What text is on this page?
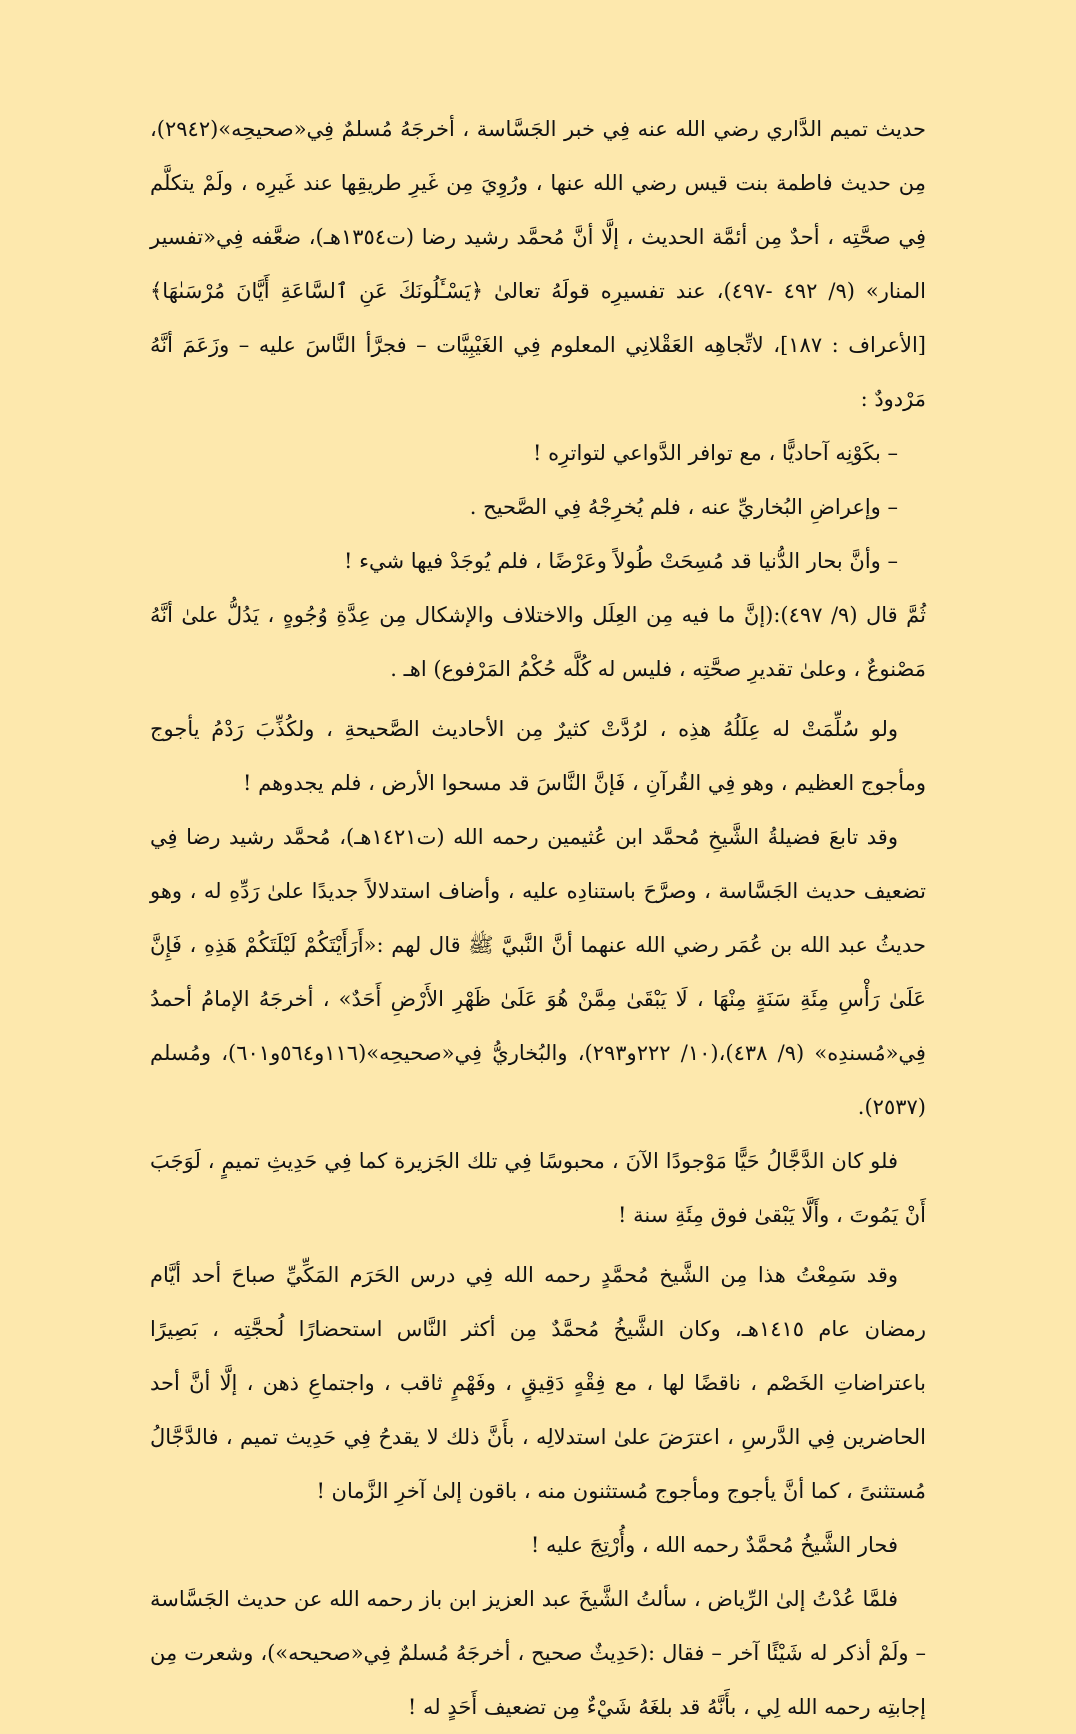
حديث تميم الدَّاري رضي الله عنه فِي خبر الجَسَّاسة ، أخرجَهُ مُسلمٌ فِي«صحيحِه»(٢٩٤٢)، مِن حديث فاطمة بنت قيس رضي الله عنها ، ورُوِيَ مِن غَيرِ طريقِها عند غَيرِه ، ولَمْ يتكلَّم فِي صحَّتِه ، أحدٌ مِن أئمَّة الحديث ، إلَّا أنَّ مُحمَّد رشيد رضا (ت١٣٥٤هـ)، ضعَّفه فِي«تفسير المنار» (٩/ ٤٩٢ -٤٩٧)، عند تفسيرِه قولَهُ تعالىٰ ﴿يَسْـَٔلُونَكَ عَنِ ٱلسَّاعَةِ أَيَّانَ مُرْسَىٰهَا﴾[الأعراف : ١٨٧]، لاتِّجاهِه العَقْلانِي المعلوم فِي الغَيْبِيَّات – فجرَّأ النَّاسَ عليه – وزَعَمَ أنَّهُ مَرْدودٌ :

– بكَوْنِه آحاديًّا ، مع توافر الدَّواعي لتواترِه !

– وإعراضِ البُخاريِّ عنه ، فلم يُخرِجْهُ فِي الصَّحيح .

– وأنَّ بحار الدُّنيا قد مُسِحَتْ طُولاً وعَرْضًا ، فلم يُوجَدْ فيها شيء !

ثُمَّ قال (٩/ ٤٩٧):(إنَّ ما فيه مِن العِلَل والاختلاف والإشكال مِن عِدَّةِ وُجُوهٍ ، يَدُلُّ علىٰ أنَّهُ مَصْنوعٌ ، وعلىٰ تقديرِ صحَّتِه ، فليس له كُلَّه حُكْمُ المَرْفوع) اهـ .

ولو سُلِّمَتْ له عِلَلُهُ هذِه ، لرُدَّتْ كثيرٌ مِن الأحاديث الصَّحيحةِ ، ولكُذِّبَ رَدْمُ يأجوج ومأجوج العظيم ، وهو فِي القُرآنِ ، فَإنَّ النَّاسَ قد مسحوا الأرض ، فلم يجدوهم !

وقد تابعَ فضيلةُ الشَّيخِ مُحمَّد ابن عُثيمين رحمه الله (ت١٤٢١هـ)، مُحمَّد رشيد رضا فِي تضعيف حديث الجَسَّاسة ، وصرَّحَ باستنادِه عليه ، وأضاف استدلالاً جديدًا علىٰ رَدِّهِ له ، وهو حديثُ عبد الله بن عُمَر رضي الله عنهما أنَّ النَّبيَّ ﷺ قال لهم :«أَرَأَيْتَكُمْ لَيْلَتَكُمْ هَذِهِ ، فَإِنَّ عَلَىٰ رَأْسِ مِئَةِ سَنَةٍ مِنْهَا ، لَا يَبْقَىٰ مِمَّنْ هُوَ عَلَىٰ ظَهْرِ الأَرْضِ أَحَدٌ» ، أخرجَهُ الإمامُ أحمدُ فِي«مُسندِه» (٩/ ٤٣٨)،(١٠/ ٢٢٢و٢٩٣)، والبُخاريُّ فِي«صحيحِه»(١١٦و٥٦٤و٦٠١)، ومُسلم (٢٥٣٧).

فلو كان الدَّجَّالُ حَيًّا مَوْجودًا الآنَ ، محبوسًا فِي تلك الجَزيرة كما فِي حَدِيثِ تميمٍ ، لَوَجَبَ أَنْ يَمُوتَ ، وأَلَّا يَبْقىٰ فوق مِئَةِ سنة !

وقد سَمِعْتُ هذا مِن الشَّيخ مُحمَّدٍ رحمه الله فِي درس الحَرَم المَكِّيِّ صباحَ أحد أيَّام رمضان عام ١٤١٥هـ، وكان الشَّيخُ مُحمَّدٌ مِن أكثر النَّاس استحضارًا لُحجَّتِه ، بَصِيرًا باعتراضاتِ الخَصْم ، ناقضًا لها ، مع فِقْهٍ دَقِيقٍ ، وفَهْمٍ ثاقب ، واجتماعِ ذهن ، إلَّا أنَّ أحد الحاضرين فِي الدَّرسِ ، اعترَضَ علىٰ استدلالِه ، بأَنَّ ذلك لا يقدحُ فِي حَدِيث تميم ، فالدَّجَّالُ مُستثنىً ، كما أنَّ يأجوج ومأجوج مُستثنون منه ، باقون إلىٰ آخرِ الزَّمان !

فحار الشَّيخُ مُحمَّدٌ رحمه الله ، وأُرْتِجَ عليه !

فلمَّا عُدْتُ إلىٰ الرِّياض ، سألتُ الشَّيخَ عبد العزيز ابن باز رحمه الله عن حديث الجَسَّاسة – ولَمْ أذكر له شَيْئًا آخر – فقال :(حَدِيثٌ صحيح ، أخرجَهُ مُسلمٌ فِي«صحيحه»)، وشعرت مِن إجابتِه رحمه الله لِي ، بأَنَّهُ قد بلغَهُ شَيْءٌ مِن تضعيف أَحَدٍ له !
